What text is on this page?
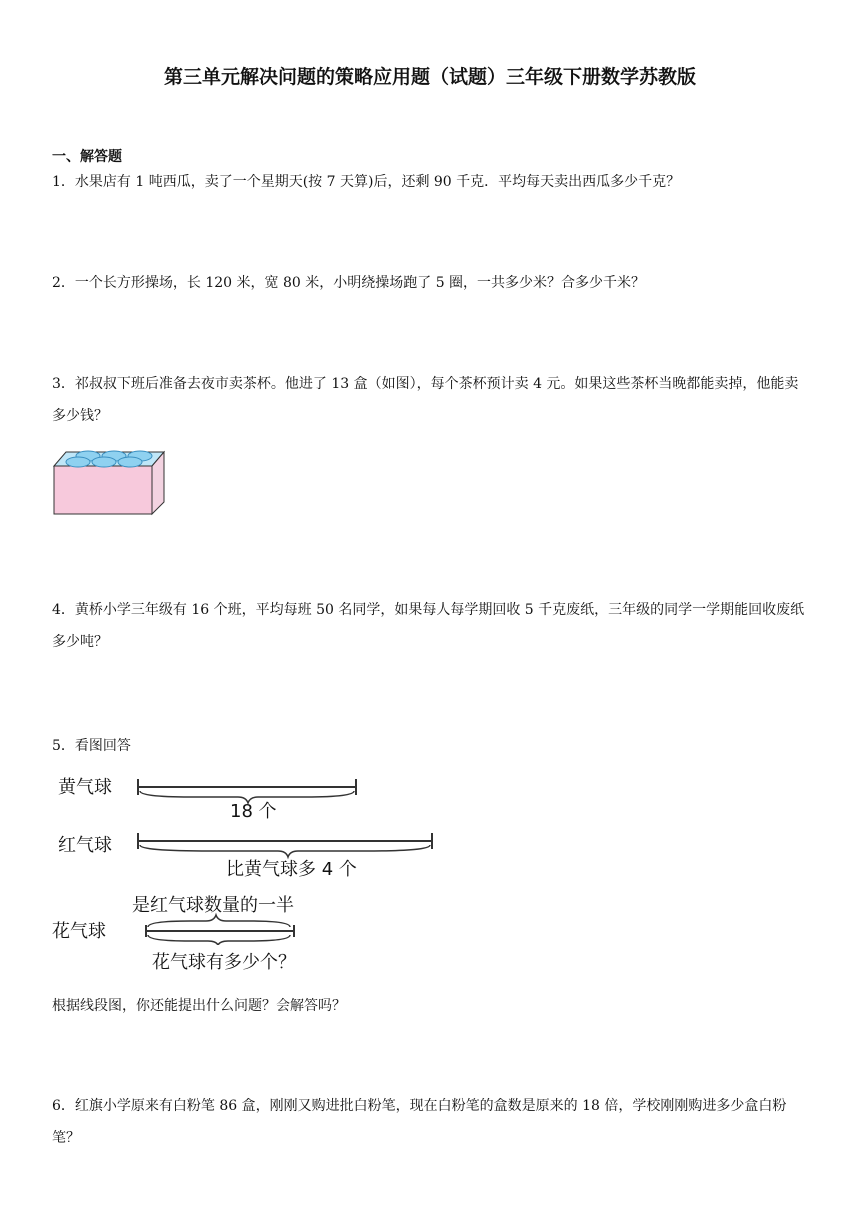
第三单元解决问题的策略应用题（试题）三年级下册数学苏教版
一、解答题
1．水果店有 1 吨西瓜，卖了一个星期天(按 7 天算)后，还剩 90 千克．平均每天卖出西瓜多少千克？
2．一个长方形操场，长 120 米，宽 80 米，小明绕操场跑了 5 圈，一共多少米？合多少千米？
3．祁叔叔下班后准备去夜市卖茶杯。他进了 13 盒（如图），每个茶杯预计卖 4 元。如果这些茶杯当晚都能卖掉，他能卖多少钱？
4．黄桥小学三年级有 16 个班，平均每班 50 名同学，如果每人每学期回收 5 千克废纸，三年级的同学一学期能回收废纸多少吨？
5．看图回答
黄气球
18 个
红气球
比黄气球多 4 个
是红气球数量的一半
花气球
花气球有多少个？
根据线段图，你还能提出什么问题？会解答吗？
6．红旗小学原来有白粉笔 86 盒，刚刚又购进批白粉笔，现在白粉笔的盒数是原来的 18 倍，学校刚刚购进多少盒白粉笔？
